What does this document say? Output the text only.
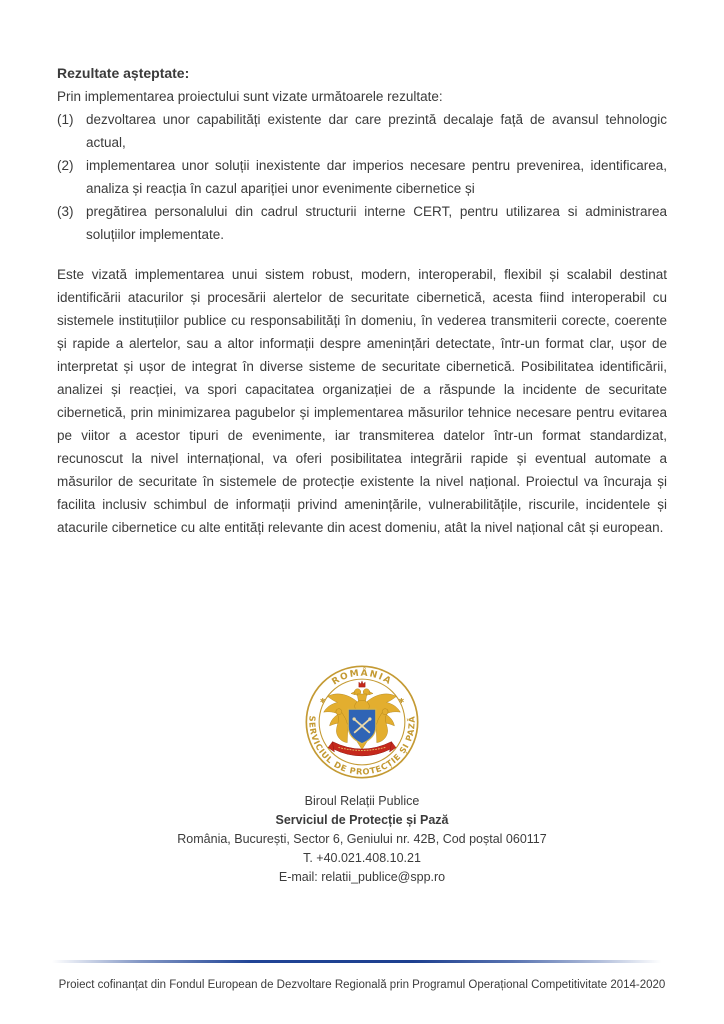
Rezultate așteptate:

Prin implementarea proiectului sunt vizate următoarele rezultate:

(1) dezvoltarea unor capabilități existente dar care prezintă decalaje față de avansul tehnologic actual,
(2) implementarea unor soluții inexistente dar imperios necesare pentru prevenirea, identificarea, analiza și reacția în cazul apariției unor evenimente cibernetice și
(3) pregătirea personalului din cadrul structurii interne CERT, pentru utilizarea si administrarea soluțiilor implementate.

Este vizată implementarea unui sistem robust, modern, interoperabil, flexibil și scalabil destinat identificării atacurilor și procesării alertelor de securitate cibernetică, acesta fiind interoperabil cu sistemele instituțiilor publice cu responsabilități în domeniu, în vederea transmiterii corecte, coerente și rapide a alertelor, sau a altor informații despre amenințări detectate, într-un format clar, ușor de interpretat și ușor de integrat în diverse sisteme de securitate cibernetică. Posibilitatea identificării, analizei și reacției, va spori capacitatea organizației de a răspunde la incidente de securitate cibernetică, prin minimizarea pagubelor și implementarea măsurilor tehnice necesare pentru evitarea pe viitor a acestor tipuri de evenimente, iar transmiterea datelor într-un format standardizat, recunoscut la nivel internațional, va oferi posibilitatea integrării rapide și eventual automate a măsurilor de securitate în sistemele de protecție existente la nivel național. Proiectul va încuraja și facilita inclusiv schimbul de informații privind amenințările, vulnerabilitățile, riscurile, incidentele și atacurile cibernetice cu alte entități relevante din acest domeniu, atât la nivel național cât și european.

ROMÂNIA
SERVICIUL DE PROTECȚIE ȘI PAZĂ
✱	✱
Biroul Relații Publice
Serviciul de Protecție și Pază
România, București, Sector 6, Geniului nr. 42B, Cod poștal 060117
T. +40.021.408.10.21
E-mail: relatii_publice@spp.ro

Proiect cofinanțat din Fondul European de Dezvoltare Regională prin Programul Operațional Competitivitate 2014-2020
